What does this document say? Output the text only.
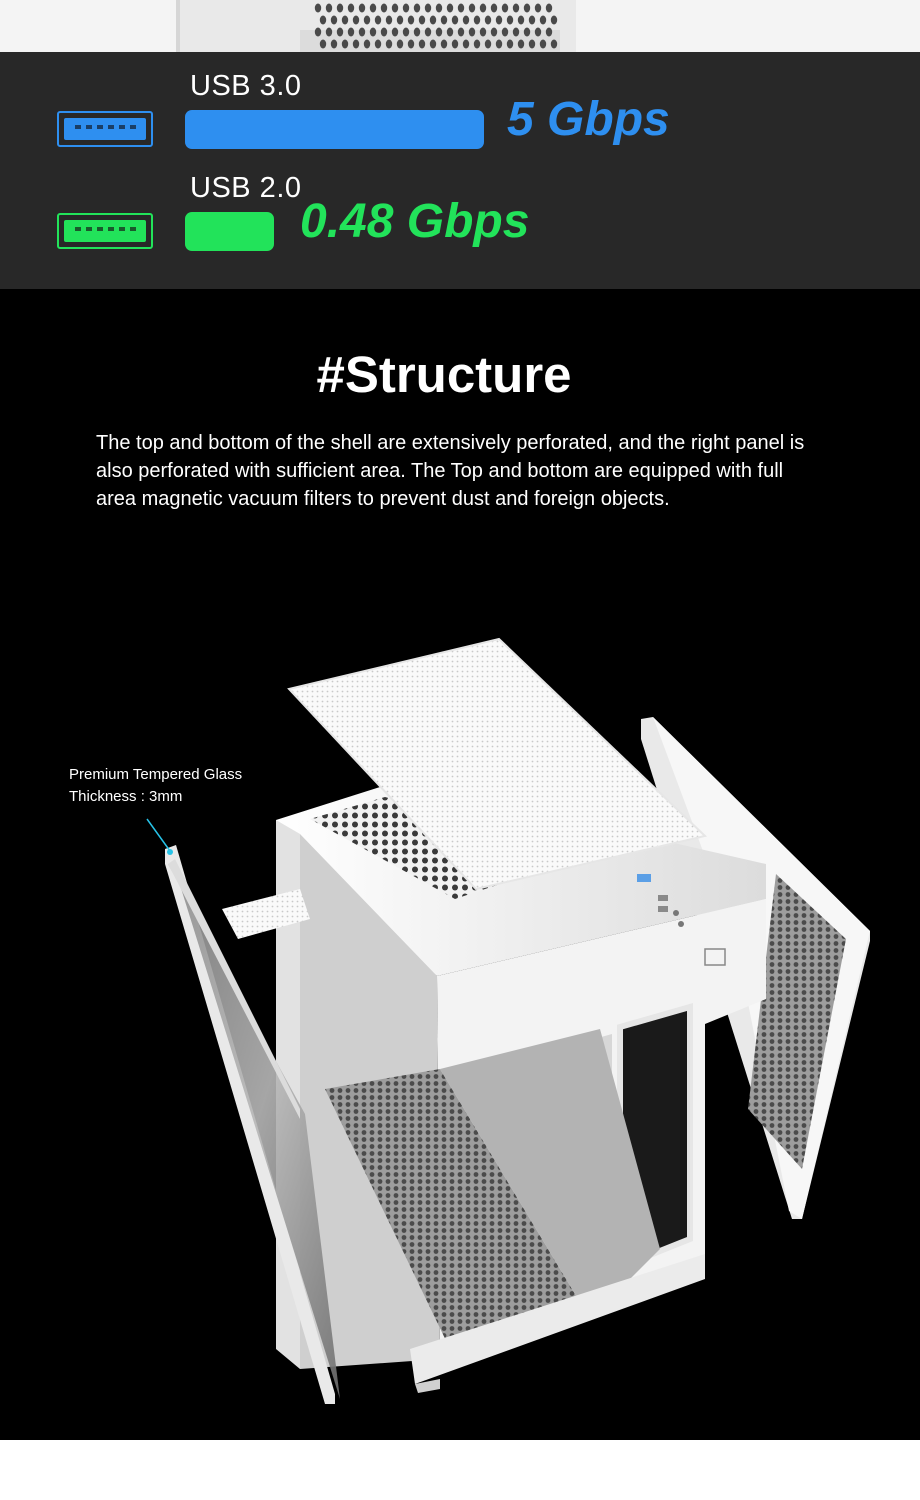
USB 3.0
5 Gbps
USB 2.0
0.48 Gbps
#Structure
The top and bottom of the shell are extensively perforated, and the right panel is also perforated with sufficient area. The Top and bottom are equipped with full area magnetic vacuum filters to prevent dust and foreign objects.
Premium Tempered Glass
Thickness : 3mm
